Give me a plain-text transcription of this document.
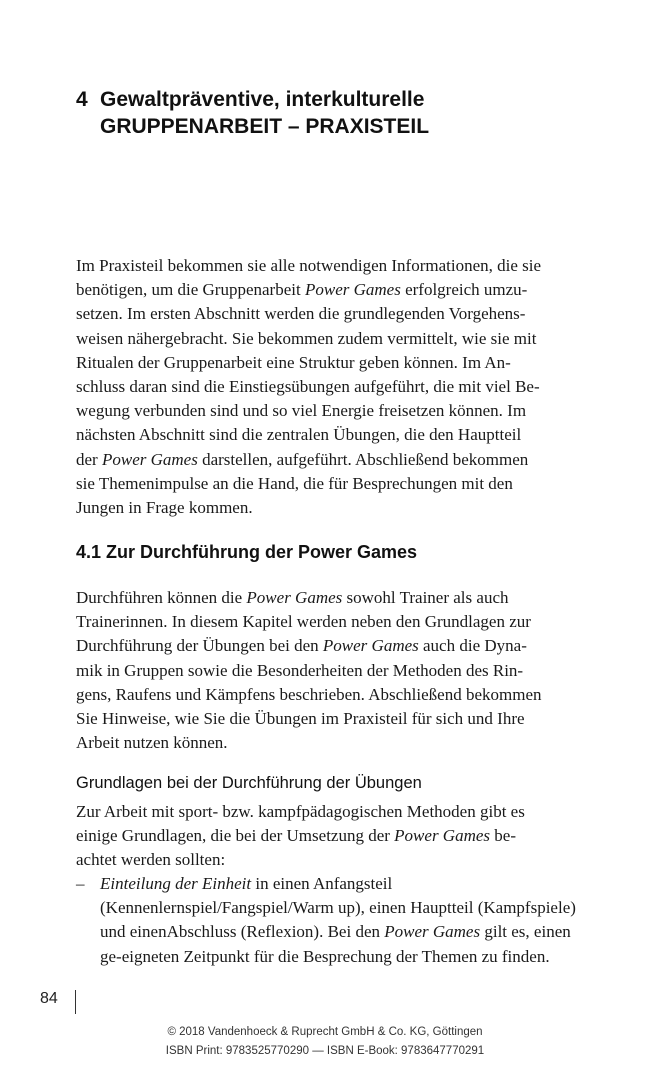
4 Gewaltpräventive, interkulturelle
GRUPPENARBEIT – PRAXISTEIL
Im Praxisteil bekommen sie alle notwendigen Informationen, die sie
benötigen, um die Gruppenarbeit Power Games erfolgreich umzu-
setzen. Im ersten Abschnitt werden die grundlegenden Vorgehens-
weisen nähergebracht. Sie bekommen zudem vermittelt, wie sie mit
Ritualen der Gruppenarbeit eine Struktur geben können. Im An-
schluss daran sind die Einstiegsübungen aufgeführt, die mit viel Be-
wegung verbunden sind und so viel Energie freisetzen können. Im
nächsten Abschnitt sind die zentralen Übungen, die den Hauptteil
der Power Games darstellen, aufgeführt. Abschließend bekommen
sie Themenimpulse an die Hand, die für Besprechungen mit den
Jungen in Frage kommen.
4.1 Zur Durchführung der Power Games
Durchführen können die Power Games sowohl Trainer als auch
Trainerinnen. In diesem Kapitel werden neben den Grundlagen zur
Durchführung der Übungen bei den Power Games auch die Dyna-
mik in Gruppen sowie die Besonderheiten der Methoden des Rin-
gens, Raufens und Kämpfens beschrieben. Abschließend bekommen
Sie Hinweise, wie Sie die Übungen im Praxisteil für sich und Ihre
Arbeit nutzen können.
Grundlagen bei der Durchführung der Übungen
Zur Arbeit mit sport- bzw. kampfpädagogischen Methoden gibt es
einige Grundlagen, die bei der Umsetzung der Power Games be-
achtet werden sollten:
– Einteilung der Einheit in einen Anfangsteil (Kennenlernspiel/Fangspiel/Warm up), einen Hauptteil (Kampfspiele) und einenAbschluss (Reflexion). Bei den Power Games gilt es, einen ge-eigneten Zeitpunkt für die Besprechung der Themen zu finden.
84
© 2018 Vandenhoeck & Ruprecht GmbH & Co. KG, Göttingen
ISBN Print: 9783525770290 — ISBN E-Book: 9783647770291
